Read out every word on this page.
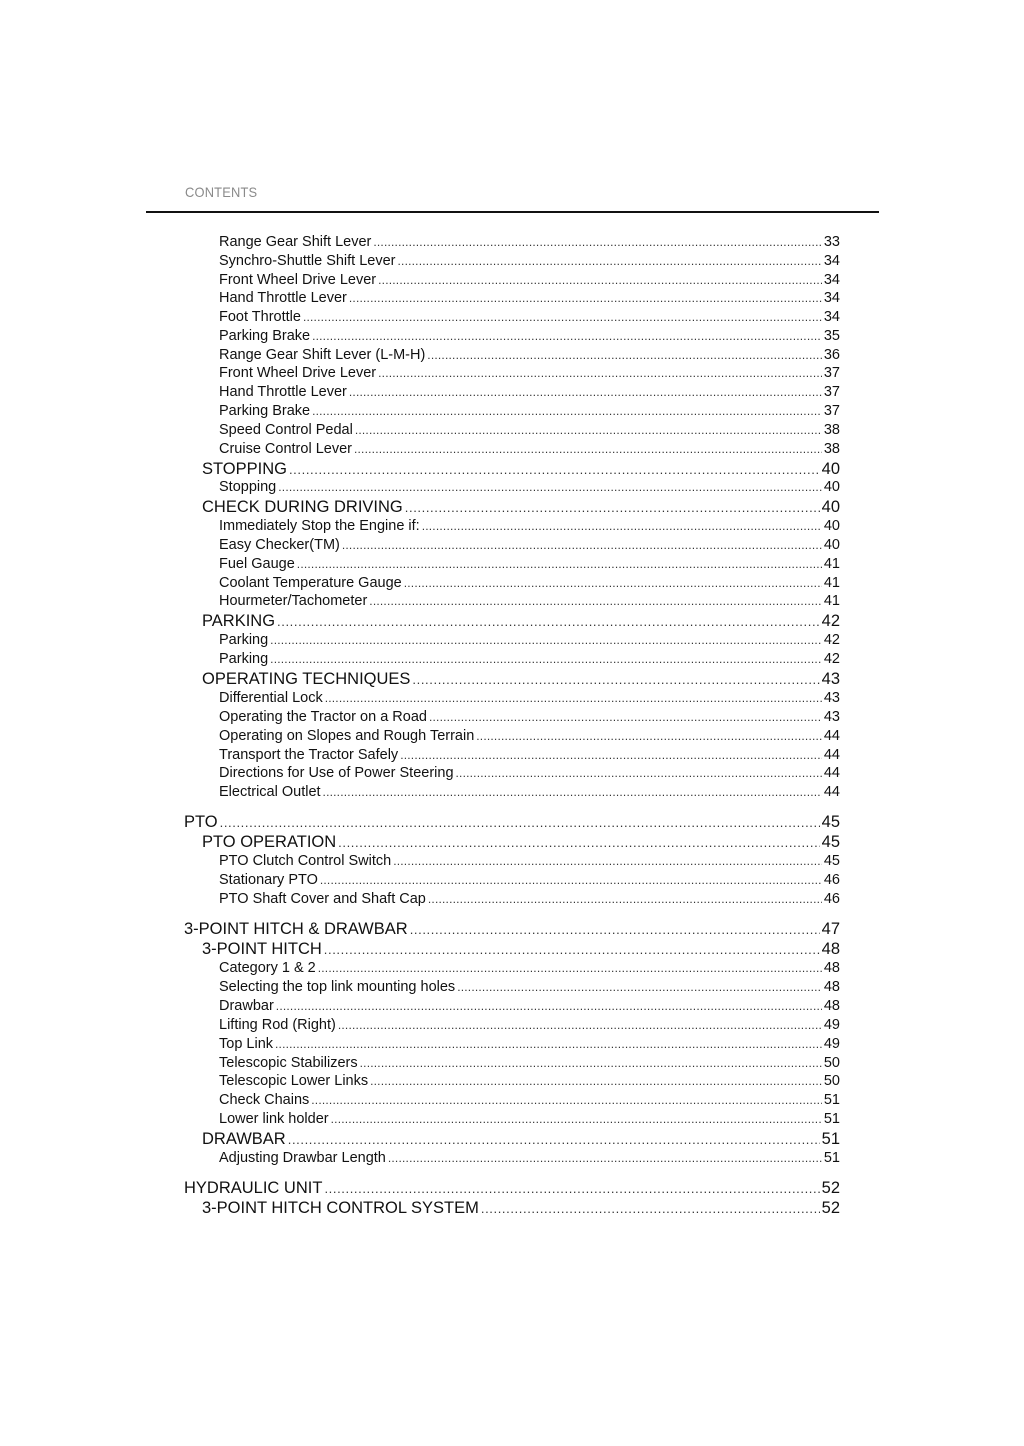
CONTENTS
Range Gear Shift Lever .....	33
Synchro-Shuttle Shift Lever .....	34
Front Wheel Drive Lever .....	34
Hand Throttle Lever .....	34
Foot Throttle .....	34
Parking Brake .....	35
Range Gear Shift Lever (L-M-H) .....	36
Front Wheel Drive Lever .....	37
Hand Throttle Lever .....	37
Parking Brake .....	37
Speed Control Pedal .....	38
Cruise Control Lever .....	38
STOPPING .....	40
Stopping .....	40
CHECK DURING DRIVING .....	40
Immediately Stop the Engine if: .....	40
Easy Checker(TM) .....	40
Fuel Gauge .....	41
Coolant Temperature Gauge .....	41
Hourmeter/Tachometer .....	41
PARKING .....	42
Parking .....	42
Parking .....	42
OPERATING TECHNIQUES .....	43
Differential Lock .....	43
Operating the Tractor on a Road .....	43
Operating on Slopes and Rough Terrain .....	44
Transport the Tractor Safely .....	44
Directions for Use of Power Steering .....	44
Electrical Outlet .....	44
PTO .....	45
PTO OPERATION .....	45
PTO Clutch Control Switch .....	45
Stationary PTO .....	46
PTO Shaft Cover and Shaft Cap .....	46
3-POINT HITCH & DRAWBAR .....	47
3-POINT HITCH .....	48
Category 1 & 2 .....	48
Selecting the top link mounting holes .....	48
Drawbar .....	48
Lifting Rod (Right) .....	49
Top Link .....	49
Telescopic Stabilizers .....	50
Telescopic Lower Links .....	50
Check Chains .....	51
Lower link holder .....	51
DRAWBAR .....	51
Adjusting Drawbar Length .....	51
HYDRAULIC UNIT .....	52
3-POINT HITCH CONTROL SYSTEM .....	52
